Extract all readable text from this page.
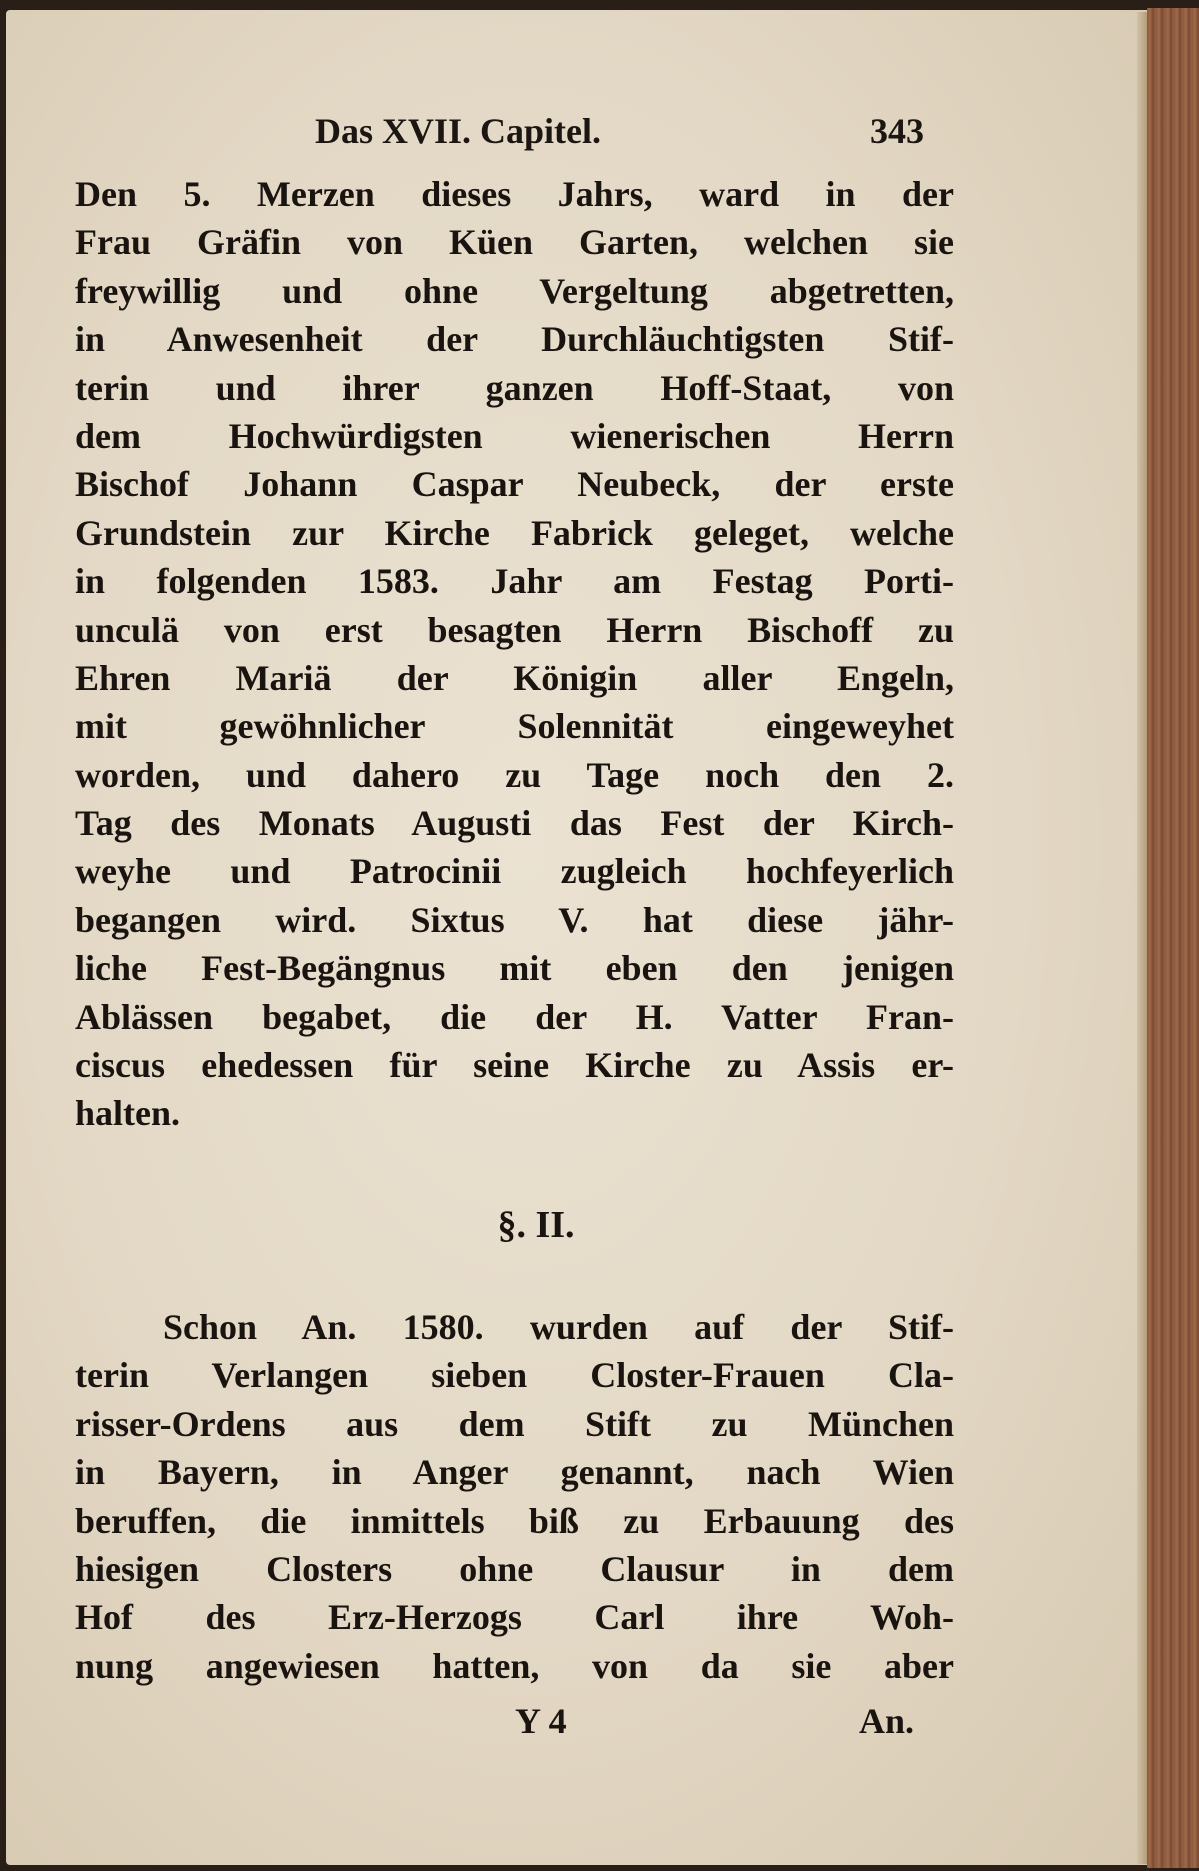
Das XVII. Capitel.	343
Den 5. Merzen dieses Jahrs, ward in der
Frau Gräfin von Küen Garten, welchen sie
freywillig und ohne Vergeltung abgetretten,
in Anwesenheit der Durchläuchtigsten Stif-
terin und ihrer ganzen Hoff-Staat, von
dem Hochwürdigsten wienerischen Herrn
Bischof Johann Caspar Neubeck, der erste
Grundstein zur Kirche Fabrick geleget, welche
in folgenden 1583. Jahr am Festag Porti-
unculä von erst besagten Herrn Bischoff zu
Ehren Mariä der Königin aller Engeln,
mit gewöhnlicher Solennität eingeweyhet
worden, und dahero zu Tage noch den 2.
Tag des Monats Augusti das Fest der Kirch-
weyhe und Patrocinii zugleich hochfeyerlich
begangen wird. Sixtus V. hat diese jähr-
liche Fest-Begängnus mit eben den jenigen
Ablässen begabet, die der H. Vatter Fran-
ciscus ehedessen für seine Kirche zu Assis er-
halten.
§. II.
Schon An. 1580. wurden auf der Stif-
terin Verlangen sieben Closter-Frauen Cla-
risser-Ordens aus dem Stift zu München
in Bayern, in Anger genannt, nach Wien
beruffen, die inmittels biß zu Erbauung des
hiesigen Closters ohne Clausur in dem
Hof des Erz-Herzogs Carl ihre Woh-
nung angewiesen hatten, von da sie aber
Y 4	An.
